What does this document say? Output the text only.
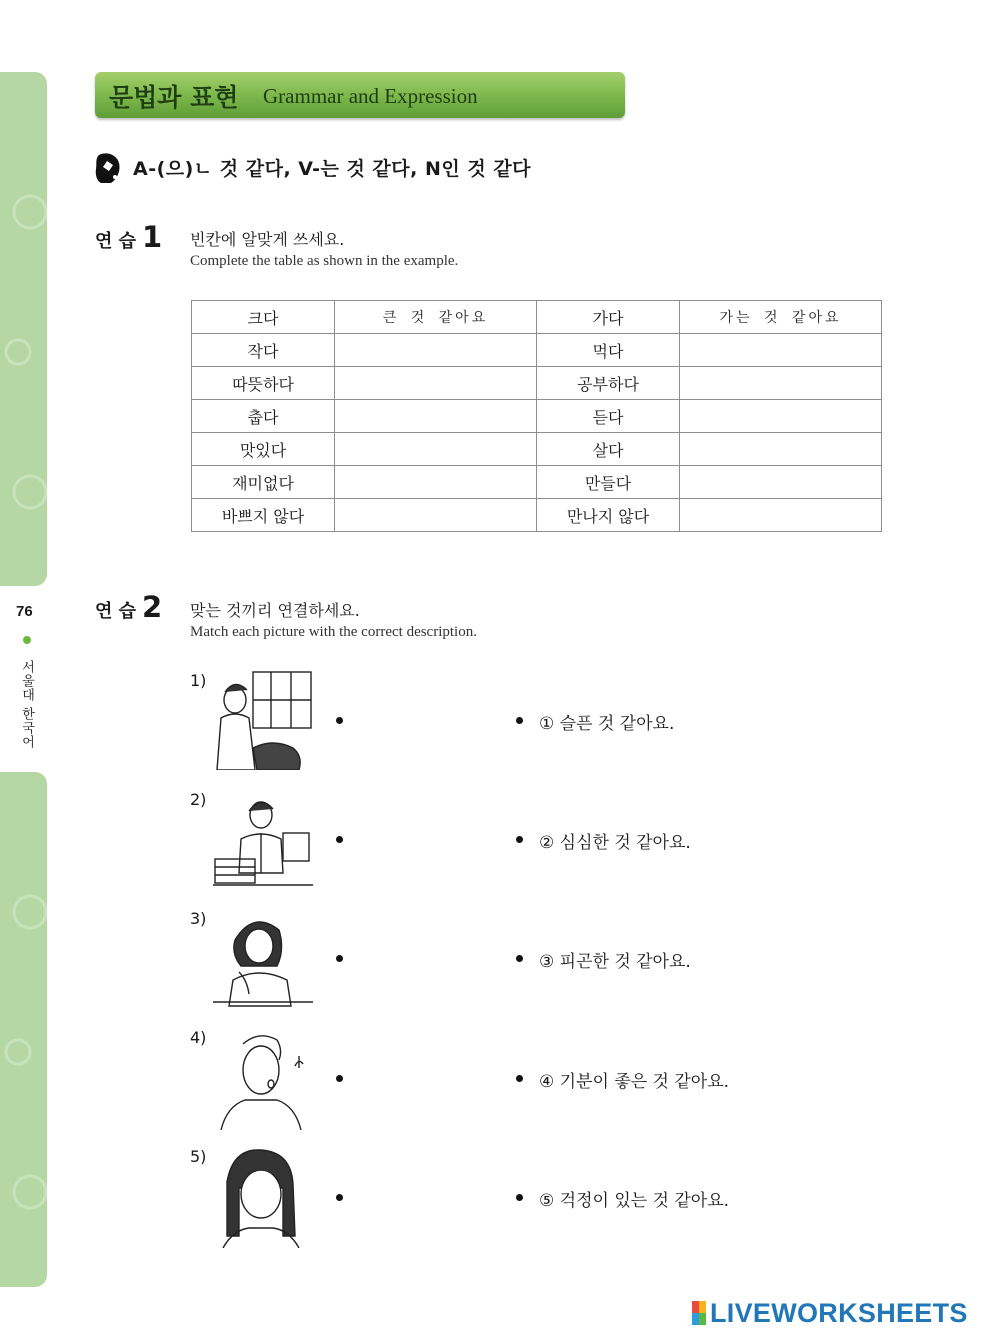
76
서울대 한국어
문법과 표현 Grammar and Expression
A-(으)ㄴ 것 같다, V-는 것 같다, N인 것 같다
연 습 1 빈칸에 알맞게 쓰세요.
Complete the table as shown in the example.
크다	큰 것 같아요	가다	가는 것 같아요
작다		먹다	
따뜻하다		공부하다	
춥다		듣다	
맛있다		살다	
재미없다		만들다	
바쁘지 않다		만나지 않다	
연 습 2 맞는 것끼리 연결하세요.
Match each picture with the correct description.
1)
① 슬픈 것 같아요.
2)
② 심심한 것 같아요.
3)
③ 피곤한 것 같아요.
4)
④ 기분이 좋은 것 같아요.
5)
⑤ 걱정이 있는 것 같아요.
LIVEWORKSHEETS
